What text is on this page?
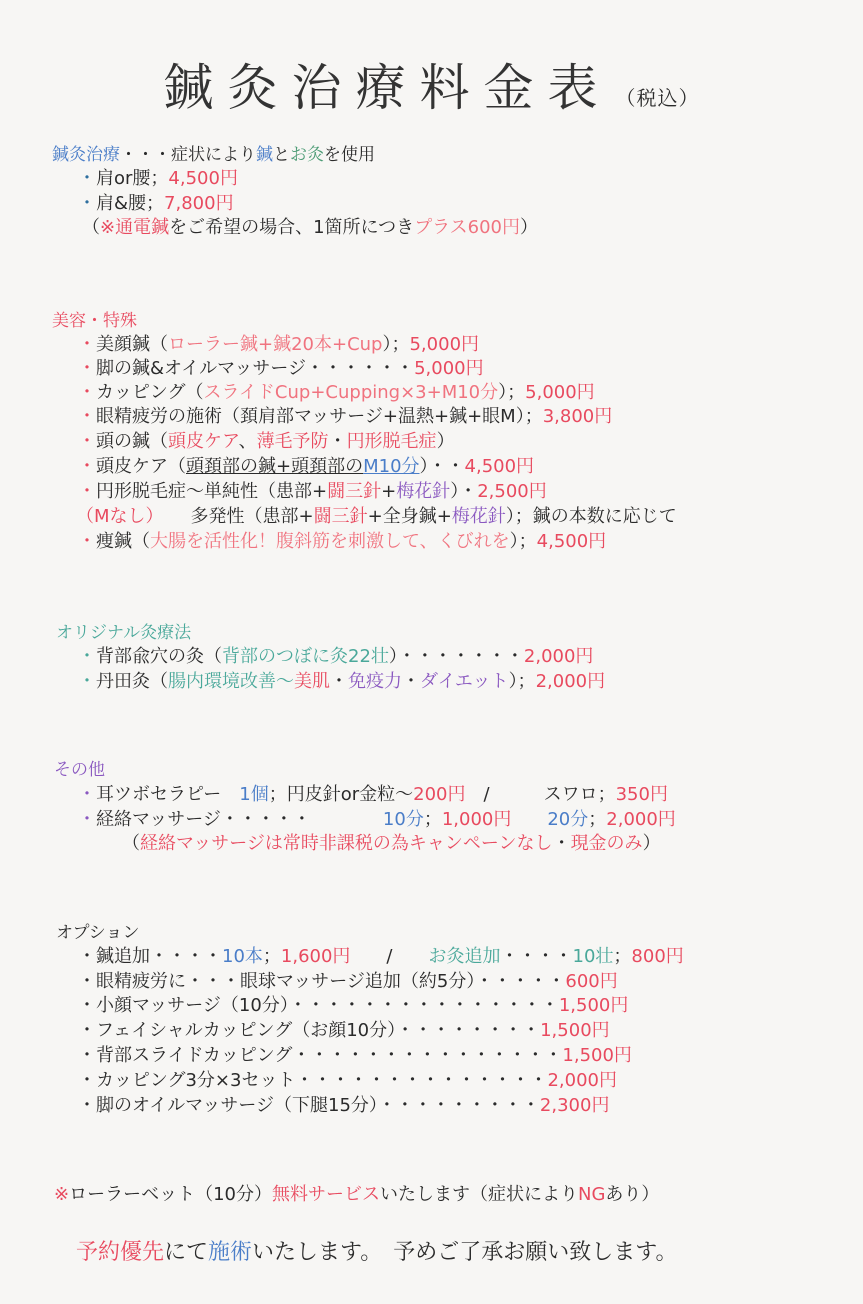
鍼灸治療料金表 （税込）
鍼灸治療・・・症状により鍼とお灸を使用
・肩or腰；4,500円
・肩&腰；7,800円
（※通電鍼をご希望の場合、1箇所につきプラス600円）
美容・特殊
・美顔鍼（ローラー鍼+鍼20本+Cup）；5,000円
・脚の鍼&オイルマッサージ・・・・・・5,000円
・カッピング（スライドCup+Cupping×3+M10分）；5,000円
・眼精疲労の施術（頚肩部マッサージ+温熱+鍼+眼M）；3,800円
・頭の鍼（頭皮ケア、薄毛予防・円形脱毛症）
・頭皮ケア（頭頚部の鍼+頭頚部のM10分）・・4,500円
・円形脱毛症～単純性（患部+闘三針+梅花針）・2,500円
（Mなし）　　多発性（患部+闘三針+全身鍼+梅花針）；鍼の本数に応じて
・痩鍼（大腸を活性化！腹斜筋を刺激して、くびれを）；4,500円
オリジナル灸療法
・背部兪穴の灸（背部のつぼに灸22壮）・・・・・・・2,000円
・丹田灸（腸内環境改善～美肌・免疫力・ダイエット）；2,000円
その他
・耳ツボセラピー　1個；円皮針or金粒～200円　/　　　スワロ；350円
・経絡マッサージ・・・・・　　　　10分；1,000円　　 20分；2,000円
（経絡マッサージは常時非課税の為キャンペーンなし・現金のみ）
オプション
・鍼追加・・・・10本；1,600円　　/　　お灸追加・・・・10壮；800円
・眼精疲労に・・・眼球マッサージ追加（約5分）・・・・・600円
・小顔マッサージ（10分）・・・・・・・・・・・・・・・1,500円
・フェイシャルカッピング（お顔10分）・・・・・・・・1,500円
・背部スライドカッピング・・・・・・・・・・・・・・・1,500円
・カッピング3分×3セット・・・・・・・・・・・・・・2,000円
・脚のオイルマッサージ（下腿15分）・・・・・・・・・2,300円
※ローラーベット（10分）無料サービスいたします（症状によりNGあり）
予約優先にて施術いたします。　予めご了承お願い致します。
